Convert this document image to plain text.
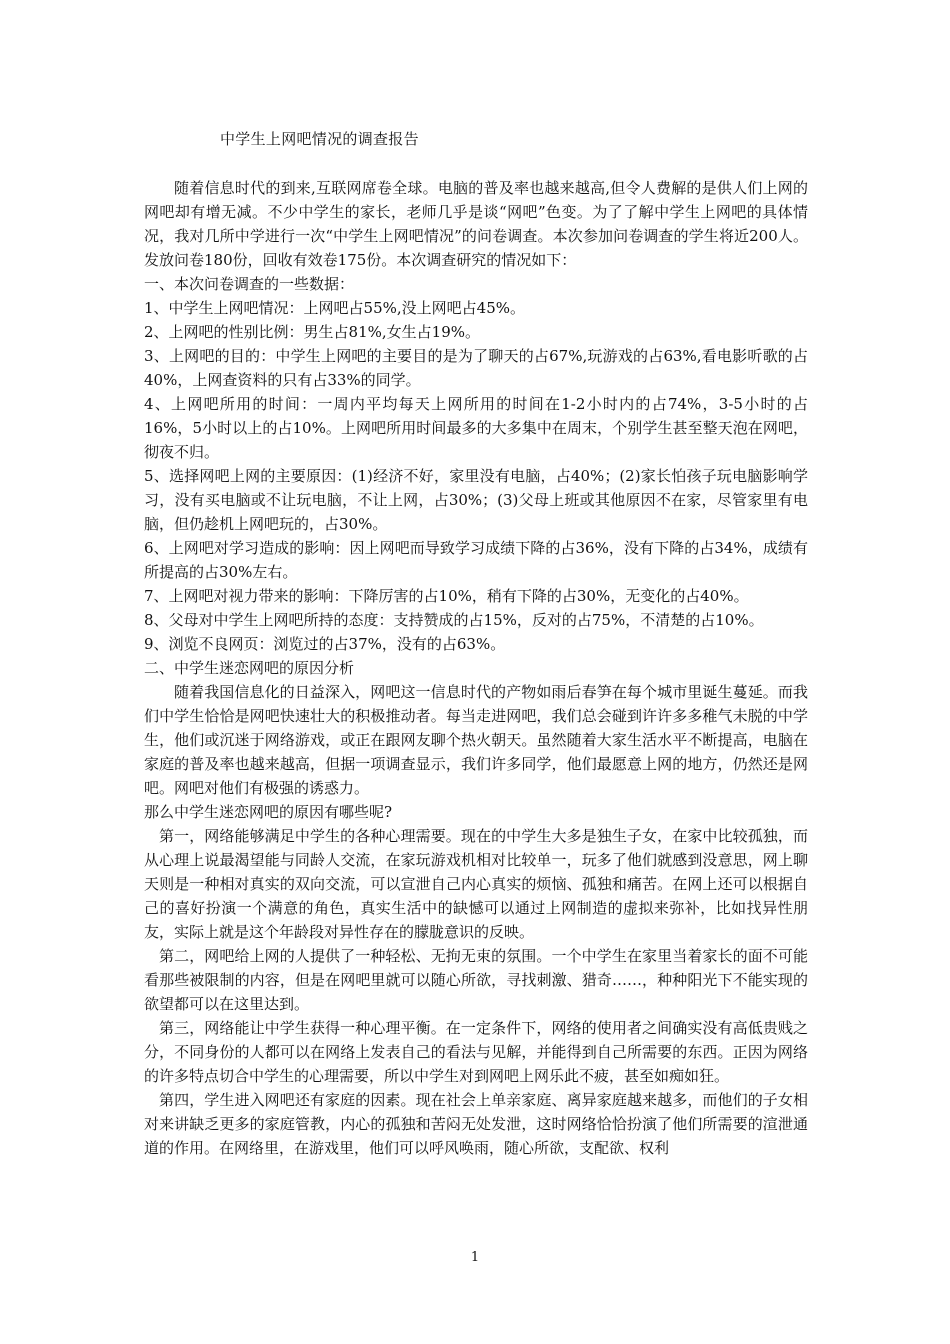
中学生上网吧情况的调查报告

随着信息时代的到来,互联网席卷全球。电脑的普及率也越来越高,但令人费解的是供人们上网的网吧却有增无减。不少中学生的家长，老师几乎是谈“网吧”色变。为了了解中学生上网吧的具体情况，我对几所中学进行一次“中学生上网吧情况”的问卷调查。本次参加问卷调查的学生将近200人。发放问卷180份，回收有效卷175份。本次调查研究的情况如下：

一、本次问卷调查的一些数据：

1、中学生上网吧情况：上网吧占55%,没上网吧占45%。

2、上网吧的性别比例：男生占81%,女生占19%。

3、上网吧的目的：中学生上网吧的主要目的是为了聊天的占67%,玩游戏的占63%,看电影听歌的占40%，上网查资料的只有占33%的同学。

4、上网吧所用的时间：一周内平均每天上网所用的时间在1-2小时内的占74%，3-5小时的占16%，5小时以上的占10%。上网吧所用时间最多的大多集中在周末，个别学生甚至整天泡在网吧，彻夜不归。

5、选择网吧上网的主要原因：(1)经济不好，家里没有电脑，占40%；(2)家长怕孩子玩电脑影响学习，没有买电脑或不让玩电脑，不让上网，占30%；(3)父母上班或其他原因不在家，尽管家里有电脑，但仍趁机上网吧玩的，占30%。

6、上网吧对学习造成的影响：因上网吧而导致学习成绩下降的占36%，没有下降的占34%，成绩有所提高的占30%左右。

7、上网吧对视力带来的影响：下降厉害的占10%，稍有下降的占30%，无变化的占40%。

8、父母对中学生上网吧所持的态度：支持赞成的占15%，反对的占75%，不清楚的占10%。

9、浏览不良网页：浏览过的占37%，没有的占63%。

二、中学生迷恋网吧的原因分析

随着我国信息化的日益深入，网吧这一信息时代的产物如雨后春笋在每个城市里诞生蔓延。而我们中学生恰恰是网吧快速壮大的积极推动者。每当走进网吧，我们总会碰到许许多多稚气未脱的中学生，他们或沉迷于网络游戏，或正在跟网友聊个热火朝天。虽然随着大家生活水平不断提高，电脑在家庭的普及率也越来越高，但据一项调查显示，我们许多同学，他们最愿意上网的地方，仍然还是网吧。网吧对他们有极强的诱惑力。

那么中学生迷恋网吧的原因有哪些呢?

第一，网络能够满足中学生的各种心理需要。现在的中学生大多是独生子女，在家中比较孤独，而从心理上说最渴望能与同龄人交流，在家玩游戏机相对比较单一，玩多了他们就感到没意思，网上聊天则是一种相对真实的双向交流，可以宣泄自己内心真实的烦恼、孤独和痛苦。在网上还可以根据自己的喜好扮演一个满意的角色，真实生活中的缺憾可以通过上网制造的虚拟来弥补，比如找异性朋友，实际上就是这个年龄段对异性存在的朦胧意识的反映。

第二，网吧给上网的人提供了一种轻松、无拘无束的氛围。一个中学生在家里当着家长的面不可能看那些被限制的内容，但是在网吧里就可以随心所欲，寻找刺激、猎奇……，种种阳光下不能实现的欲望都可以在这里达到。

第三，网络能让中学生获得一种心理平衡。在一定条件下，网络的使用者之间确实没有高低贵贱之分，不同身份的人都可以在网络上发表自己的看法与见解，并能得到自己所需要的东西。正因为网络的许多特点切合中学生的心理需要，所以中学生对到网吧上网乐此不疲，甚至如痴如狂。

第四，学生进入网吧还有家庭的因素。现在社会上单亲家庭、离异家庭越来越多，而他们的子女相对来讲缺乏更多的家庭管教，内心的孤独和苦闷无处发泄，这时网络恰恰扮演了他们所需要的渲泄通道的作用。在网络里，在游戏里，他们可以呼风唤雨，随心所欲，支配欲、权利

1
